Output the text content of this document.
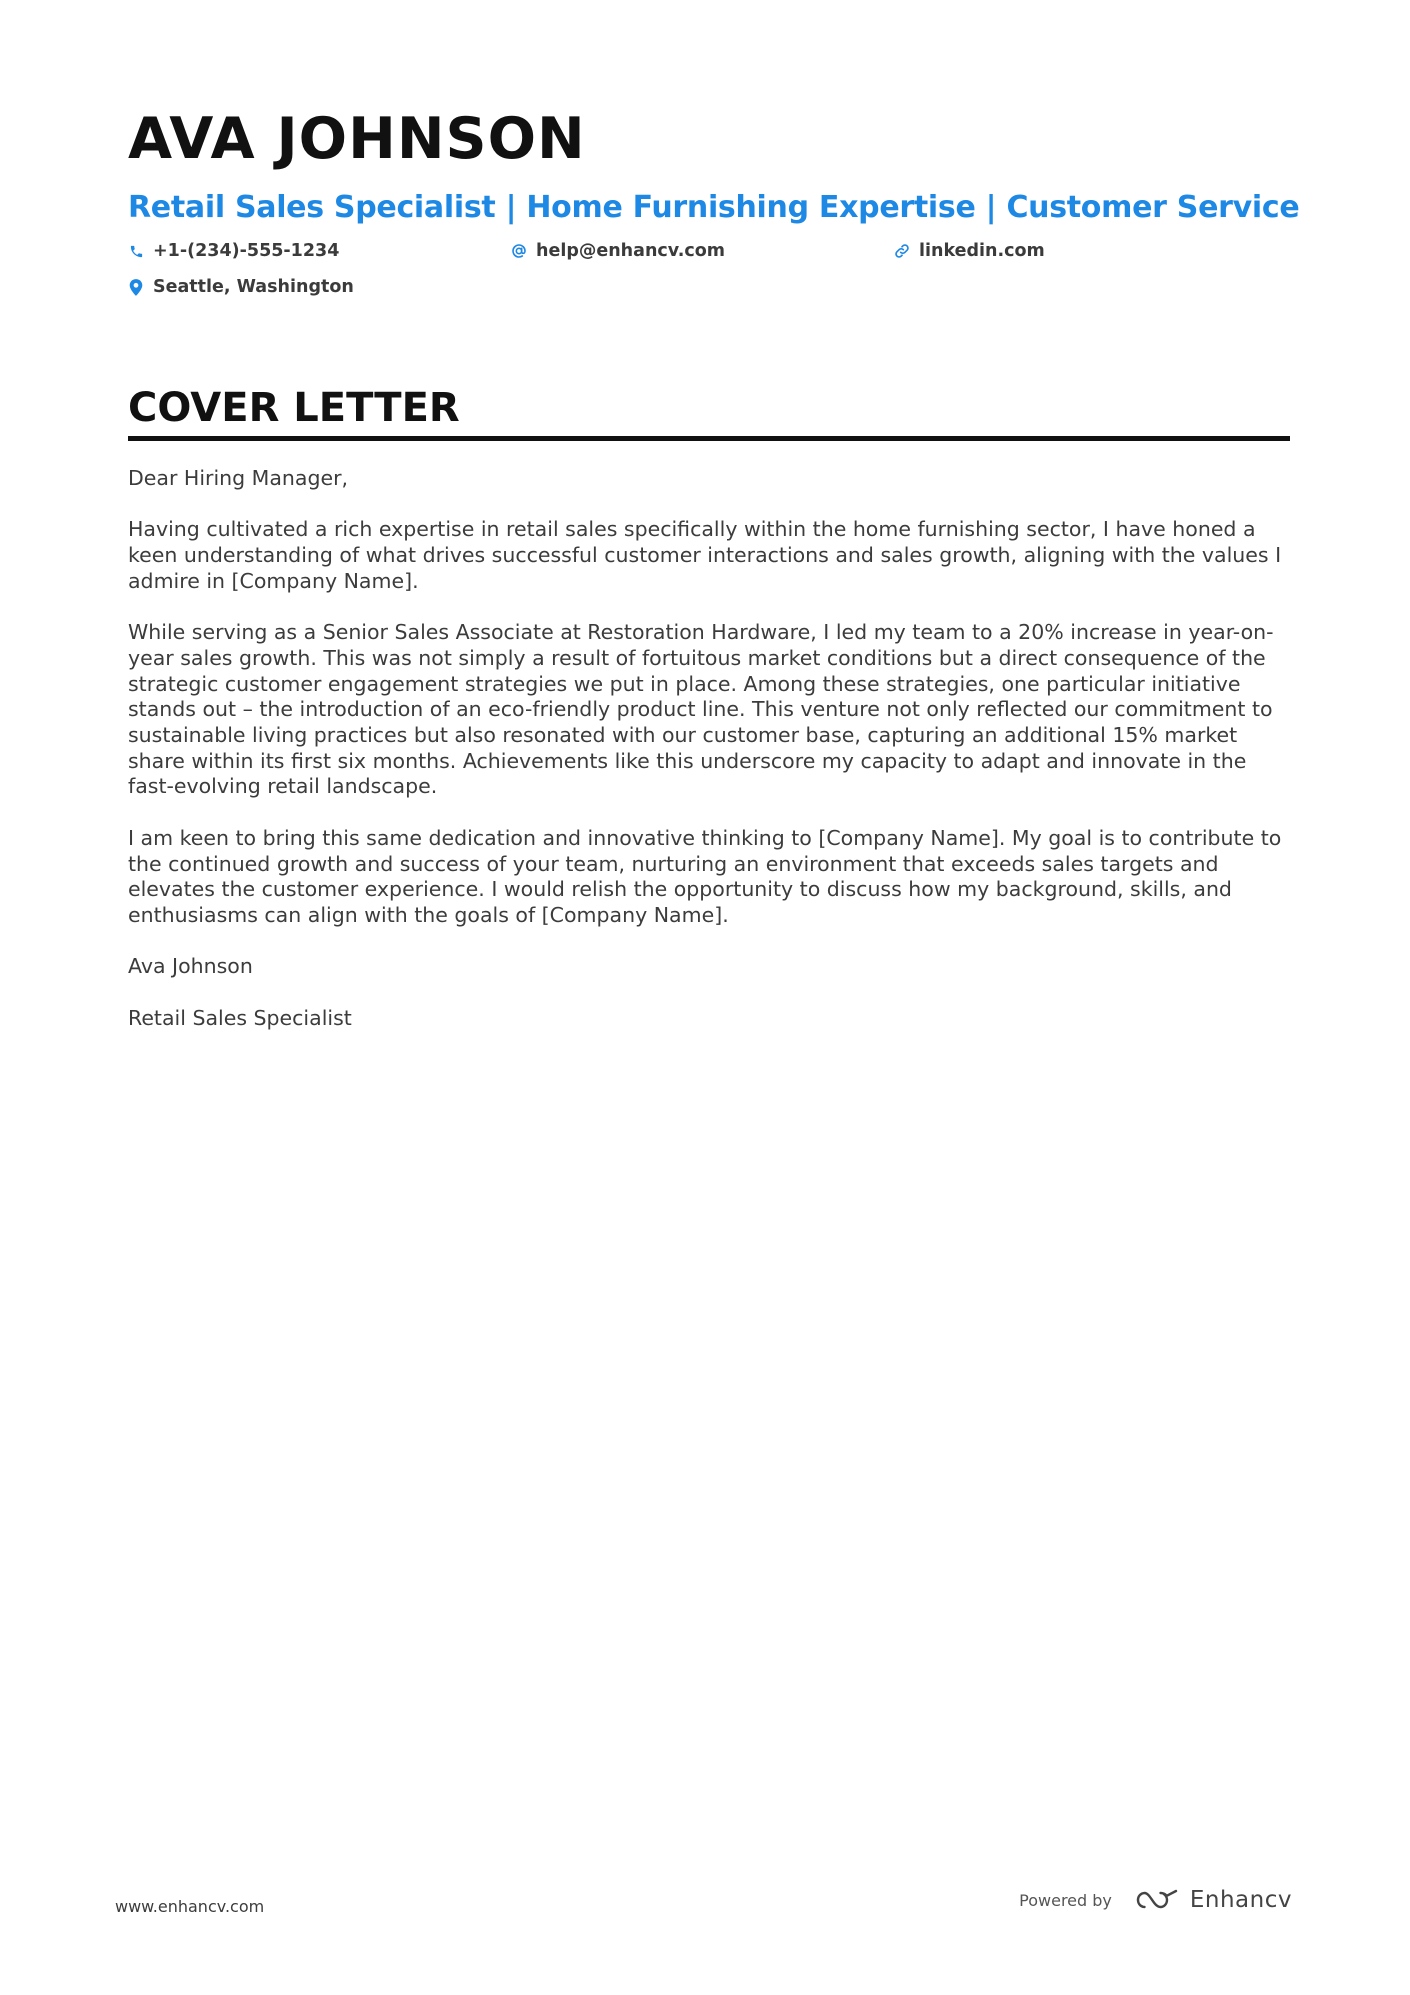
AVA JOHNSON
Retail Sales Specialist | Home Furnishing Expertise | Customer Service
+1-(234)-555-1234	help@enhancv.com	linkedin.com
Seattle, Washington
COVER LETTER

Dear Hiring Manager,

Having cultivated a rich expertise in retail sales specifically within the home furnishing sector, I have honed a keen understanding of what drives successful customer interactions and sales growth, aligning with the values I admire in [Company Name].

While serving as a Senior Sales Associate at Restoration Hardware, I led my team to a 20% increase in year-on-year sales growth. This was not simply a result of fortuitous market conditions but a direct consequence of the strategic customer engagement strategies we put in place. Among these strategies, one particular initiative stands out – the introduction of an eco-friendly product line. This venture not only reflected our commitment to sustainable living practices but also resonated with our customer base, capturing an additional 15% market share within its first six months. Achievements like this underscore my capacity to adapt and innovate in the fast-evolving retail landscape.

I am keen to bring this same dedication and innovative thinking to [Company Name]. My goal is to contribute to the continued growth and success of your team, nurturing an environment that exceeds sales targets and elevates the customer experience. I would relish the opportunity to discuss how my background, skills, and enthusiasms can align with the goals of [Company Name].

Ava Johnson

Retail Sales Specialist

www.enhancv.com	Powered by	Enhancv
